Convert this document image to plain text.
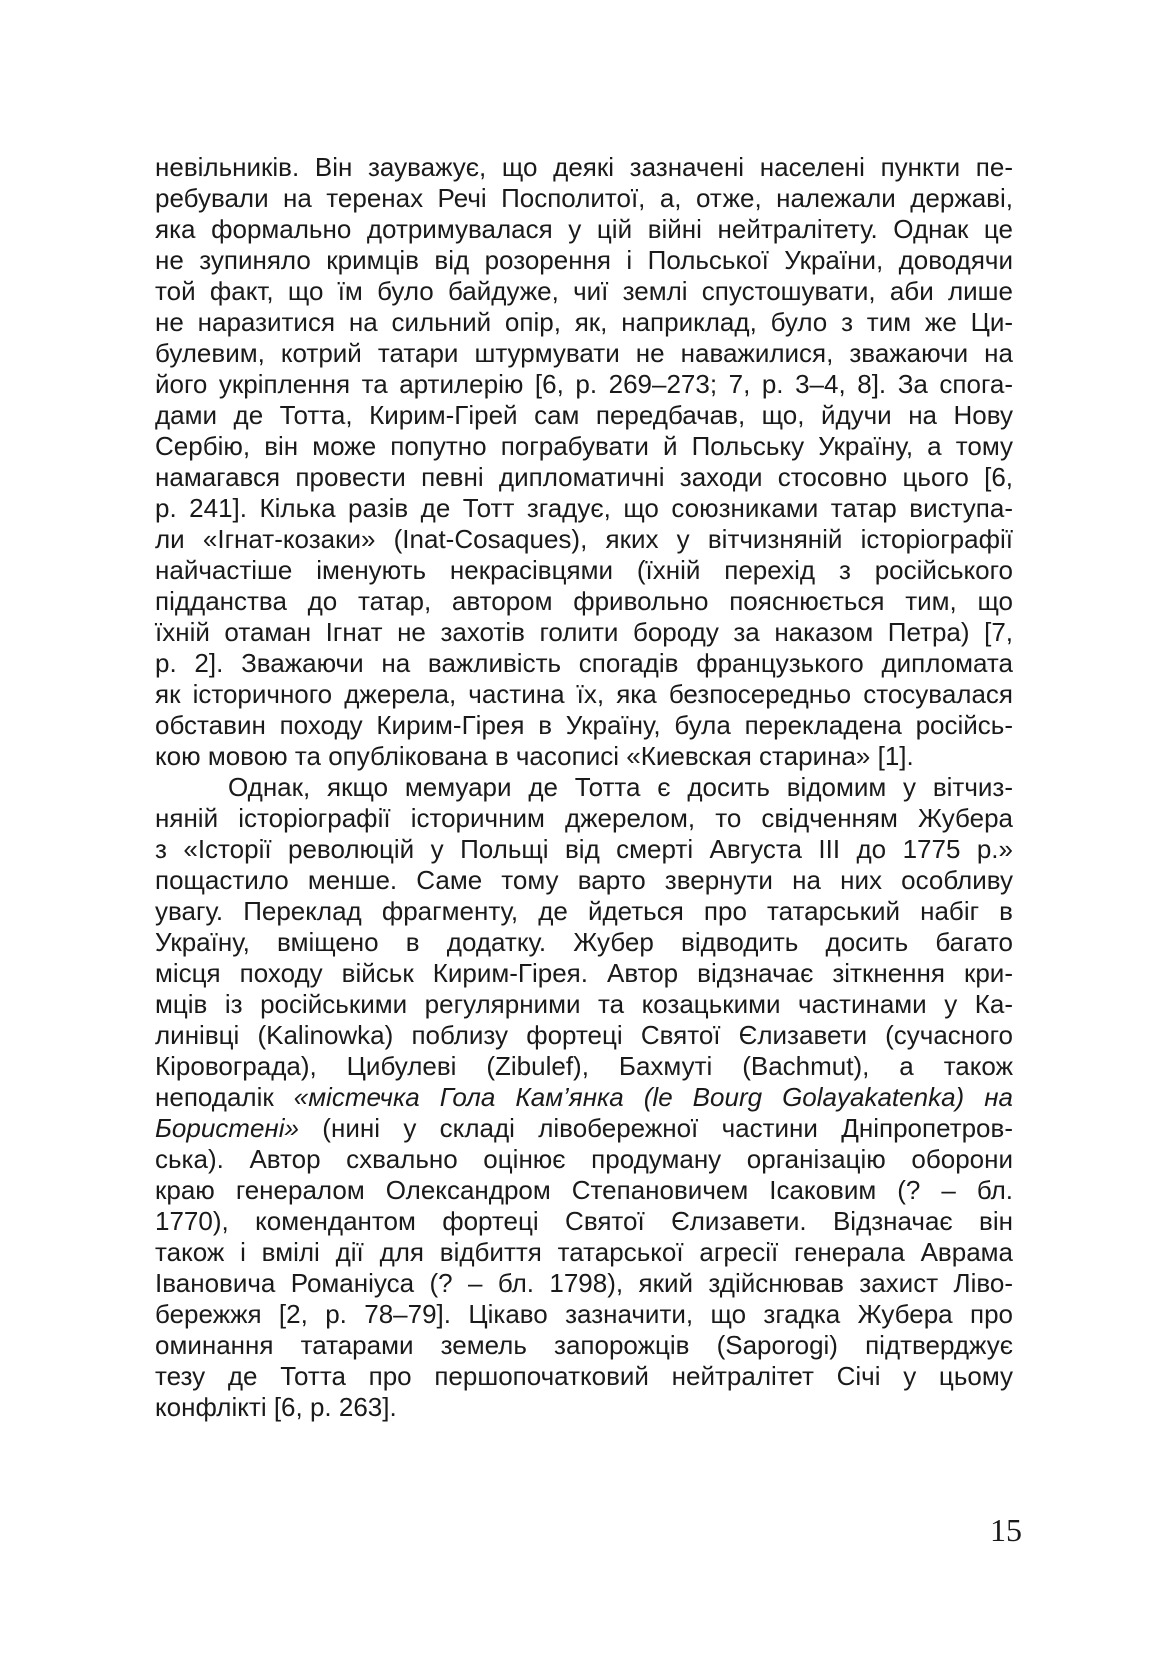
невільників. Він зауважує, що деякі зазначені населені пункти пе-
ребували на теренах Речі Посполитої, а, отже, належали державі,
яка формально дотримувалася у цій війні нейтралітету. Однак це
не зупиняло кримців від розорення і Польської України, доводячи
той факт, що їм було байдуже, чиї землі спустошувати, аби лише
не наразитися на сильний опір, як, наприклад, було з тим же Ци-
булевим, котрий татари штурмувати не наважилися, зважаючи на
його укріплення та артилерію [6, p. 269–273; 7, p. 3–4, 8]. За спога-
дами де Тотта, Кирим-Гірей сам передбачав, що, йдучи на Нову
Сербію, він може попутно пограбувати й Польську Україну, а тому
намагався провести певні дипломатичні заходи стосовно цього [6,
p. 241]. Кілька разів де Тотт згадує, що союзниками татар виступа-
ли «Ігнат-козаки» (Inat-Cosaques), яких у вітчизняній історіографії
найчастіше іменують некрасівцями (їхній перехід з російського
підданства до татар, автором фривольно пояснюється тим, що
їхній отаман Ігнат не захотів голити бороду за наказом Петра) [7,
p. 2]. Зважаючи на важливість спогадів французького дипломата
як історичного джерела, частина їх, яка безпосередньо стосувалася
обставин походу Кирим-Гірея в Україну, була перекладена російсь-
кою мовою та опублікована в часописі «Киевская старина» [1].
Однак, якщо мемуари де Тотта є досить відомим у вітчиз-
няній історіографії історичним джерелом, то свідченням Жубера
з «Історії революцій у Польщі від смерті Августа III до 1775 р.»
пощастило менше. Саме тому варто звернути на них особливу
увагу. Переклад фрагменту, де йдеться про татарський набіг в
Україну, вміщено в додатку. Жубер відводить досить багато
місця походу військ Кирим-Гірея. Автор відзначає зіткнення кри-
мців із російськими регулярними та козацькими частинами у Ка-
линівці (Kalinowka) поблизу фортеці Святої Єлизавети (сучасного
Кіровограда), Цибулеві (Zibulef), Бахмуті (Bachmut), а також
неподалік «містечка Гола Кам’янка (le Bourg Golayakatenka) на
Бористені» (нині у складі лівобережної частини Дніпропетров-
ська). Автор схвально оцінює продуману організацію оборони
краю генералом Олександром Степановичем Ісаковим (? – бл.
1770), комендантом фортеці Святої Єлизавети. Відзначає він
також і вмілі дії для відбиття татарської агресії генерала Аврама
Івановича Романіуса (? – бл. 1798), який здійснював захист Ліво-
бережжя [2, p. 78–79]. Цікаво зазначити, що згадка Жубера про
оминання татарами земель запорожців (Saporogi) підтверджує
тезу де Тотта про першопочатковий нейтралітет Січі у цьому
конфлікті [6, p. 263].
15
